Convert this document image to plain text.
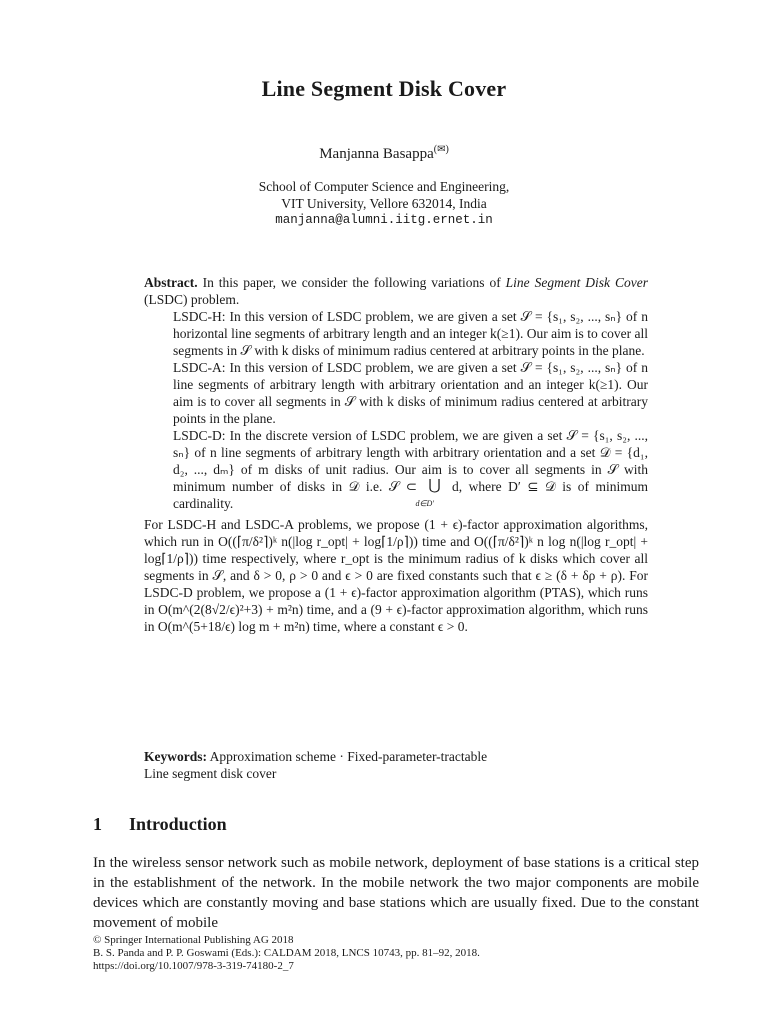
Line Segment Disk Cover
Manjanna Basappa(✉)
School of Computer Science and Engineering,
VIT University, Vellore 632014, India
manjanna@alumni.iitg.ernet.in

Abstract. In this paper, we consider the following variations of Line Segment Disk Cover (LSDC) problem.

LSDC-H: In this version of LSDC problem, we are given a set 𝒮 = {s₁, s₂, ..., sₙ} of n horizontal line segments of arbitrary length and an integer k(≥1). Our aim is to cover all segments in 𝒮 with k disks of minimum radius centered at arbitrary points in the plane.

LSDC-A: In this version of LSDC problem, we are given a set 𝒮 = {s₁, s₂, ..., sₙ} of n line segments of arbitrary length with arbitrary orientation and an integer k(≥1). Our aim is to cover all segments in 𝒮 with k disks of minimum radius centered at arbitrary points in the plane.

LSDC-D: In the discrete version of LSDC problem, we are given a set 𝒮 = {s₁, s₂, ..., sₙ} of n line segments of arbitrary length with arbitrary orientation and a set 𝒟 = {d₁, d₂, ..., dₘ} of m disks of unit radius. Our aim is to cover all segments in 𝒮 with minimum number of disks in 𝒟 i.e. 𝒮 ⊂ ⋃
d∈D′
d, where D′ ⊆ 𝒟 is of minimum cardinality.

For LSDC-H and LSDC-A problems, we propose (1 + ϵ)-factor approximation algorithms, which run in O((⌈π/δ²⌉)ᵏ n(|log r_opt| + log⌈1/ρ⌉)) time and O((⌈π/δ²⌉)ᵏ n log n(|log r_opt| + log⌈1/ρ⌉)) time respectively, where r_opt is the minimum radius of k disks which cover all segments in 𝒮, and δ > 0, ρ > 0 and ϵ > 0 are fixed constants such that ϵ ≥ (δ + δρ + ρ). For LSDC-D problem, we propose a (1 + ϵ)-factor approximation algorithm (PTAS), which runs in O(m^(2(8√2/ϵ)²+3) + m²n) time, and a (9 + ϵ)-factor approximation algorithm, which runs in O(m^(5+18/ϵ) log m + m²n) time, where a constant ϵ > 0.

Keywords: Approximation scheme · Fixed-parameter-tractable
Line segment disk cover
1 Introduction
In the wireless sensor network such as mobile network, deployment of base stations is a critical step in the establishment of the network. In the mobile network the two major components are mobile devices which are constantly moving and base stations which are usually fixed. Due to the constant movement of mobile
© Springer International Publishing AG 2018
B. S. Panda and P. P. Goswami (Eds.): CALDAM 2018, LNCS 10743, pp. 81–92, 2018.
https://doi.org/10.1007/978-3-319-74180-2_7
